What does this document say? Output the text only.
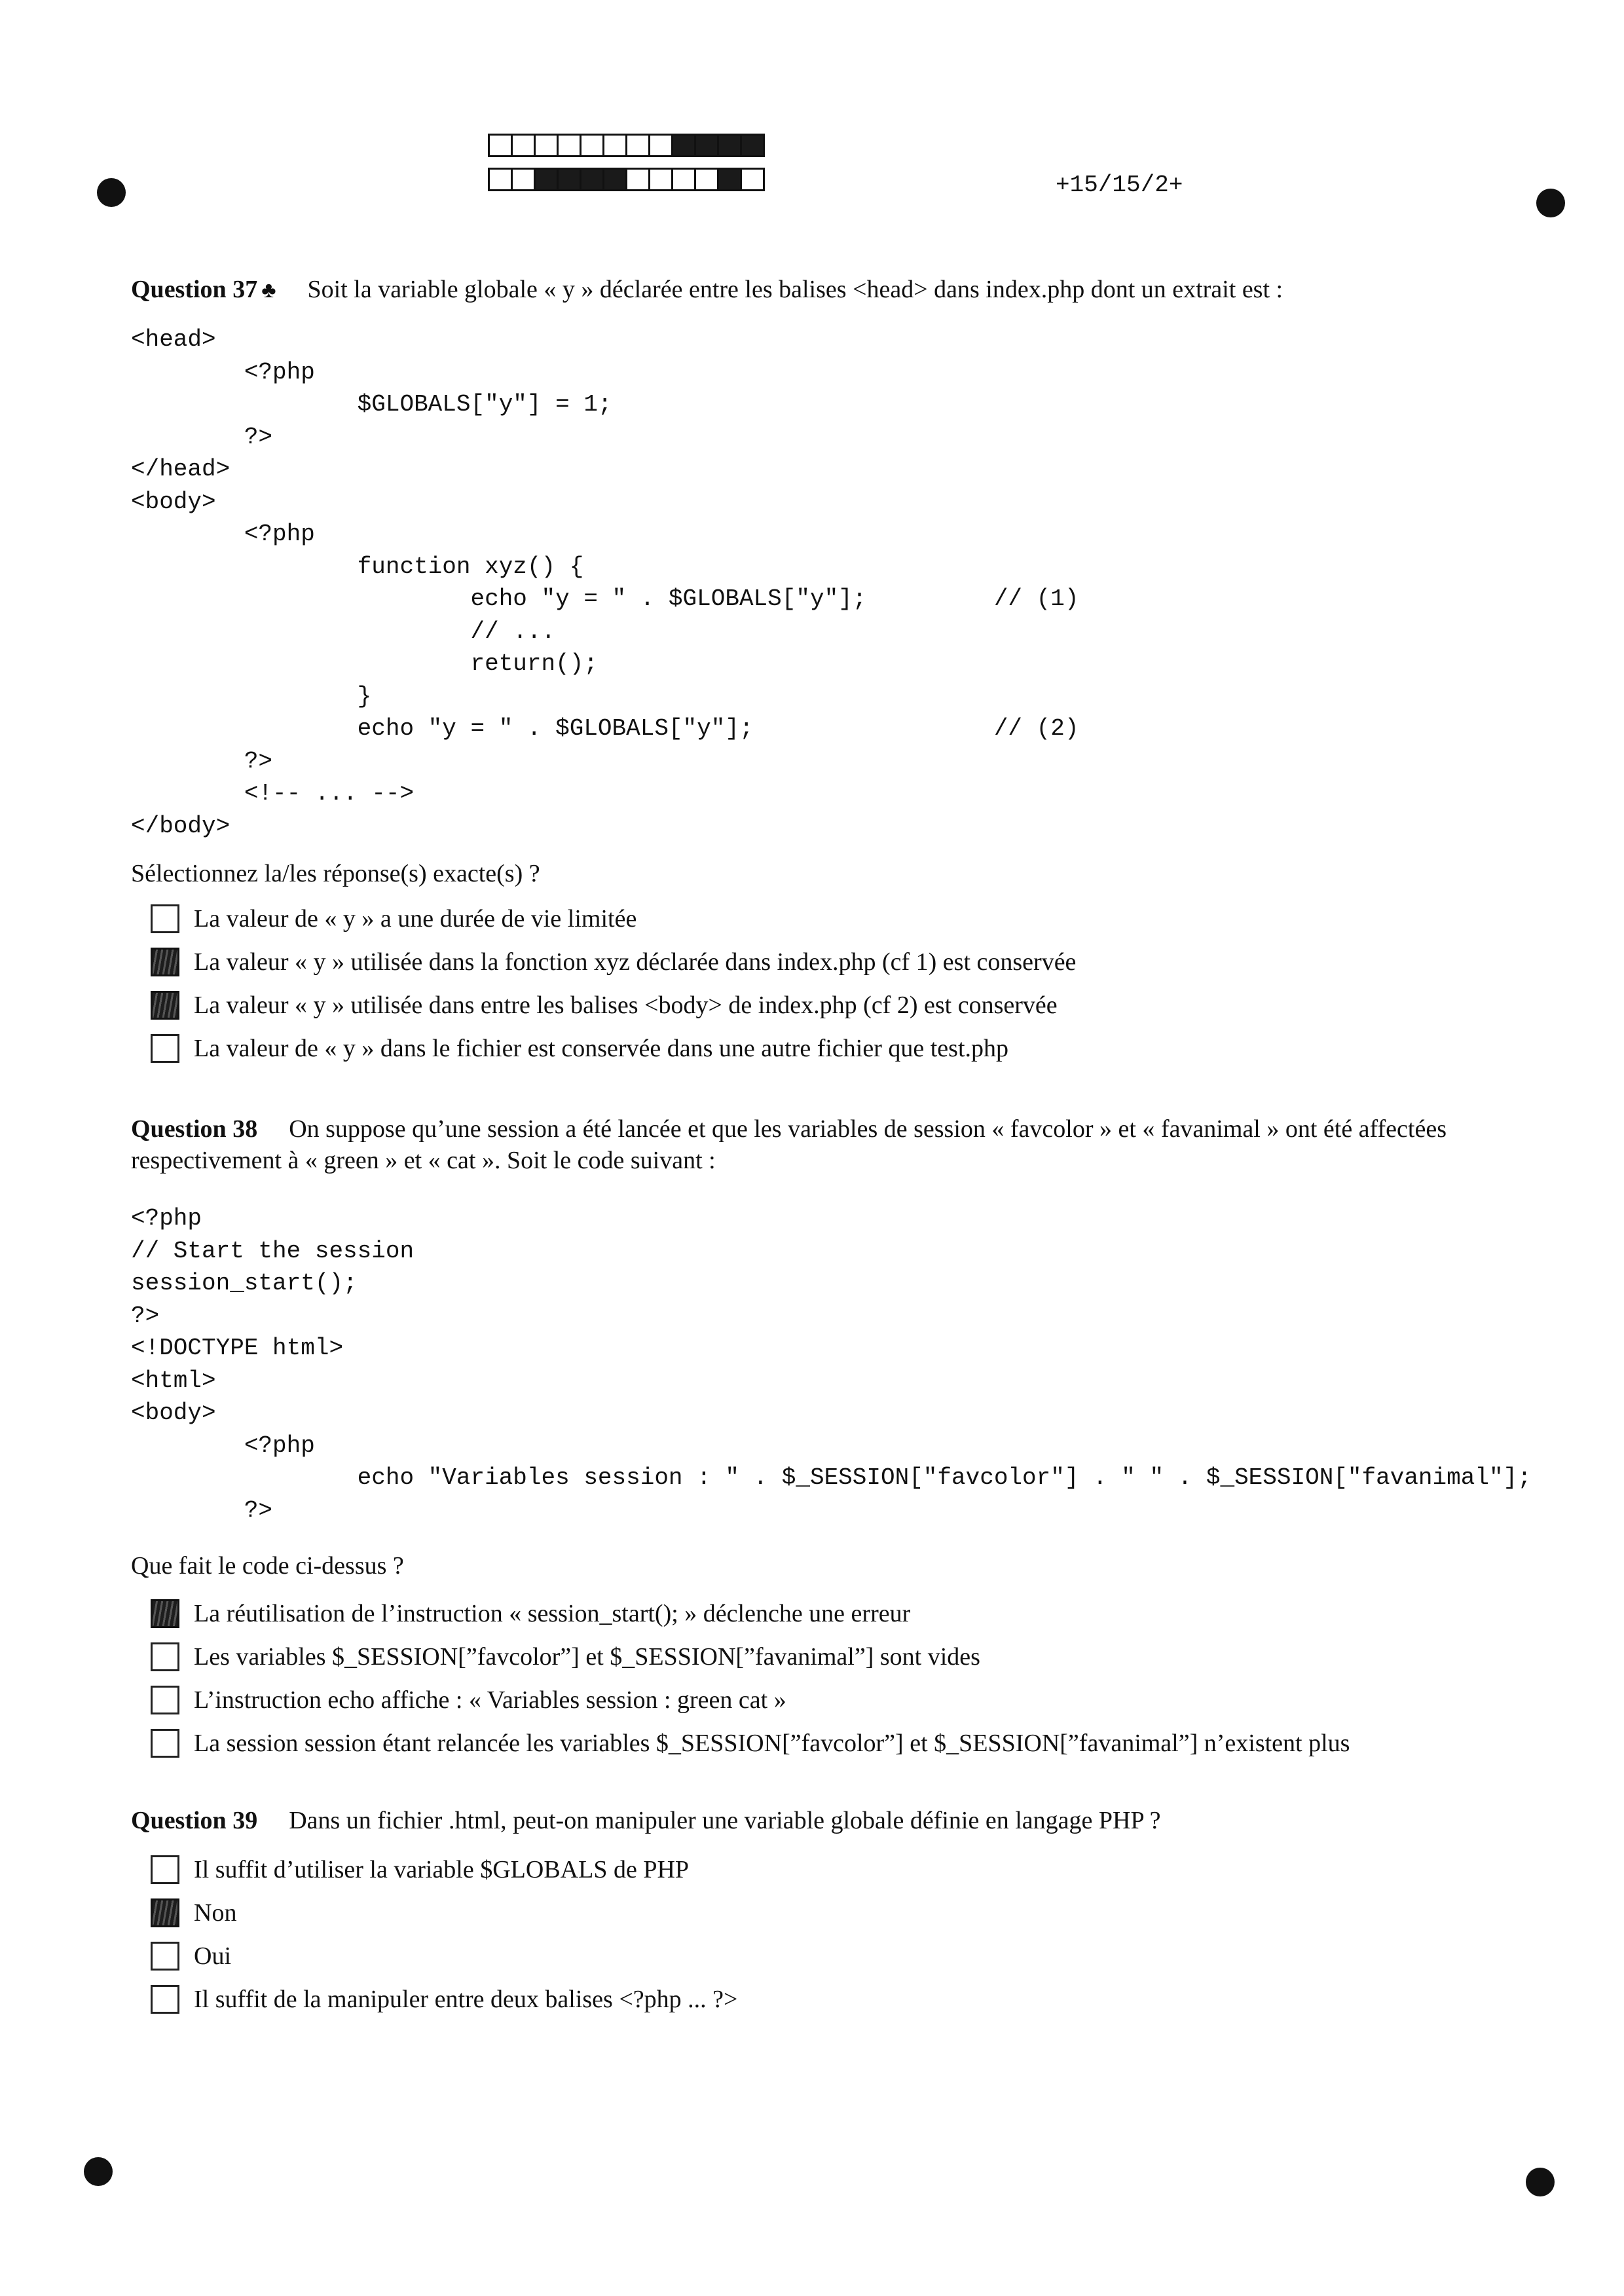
+15/15/2+
Question 37 ♣ Soit la variable globale « y » déclarée entre les balises <head> dans index.php dont un extrait est :
<head>
<?php
$GLOBALS["y"] = 1;
?>
</head>
<body>
<?php
function xyz() {
echo "y = " . $GLOBALS["y"];         // (1)
// ...
return();
}
echo "y = " . $GLOBALS["y"];                 // (2)
?>
<!-- ... -->
</body>
Sélectionnez la/les réponse(s) exacte(s) ?
La valeur de « y » a une durée de vie limitée
La valeur « y » utilisée dans la fonction xyz déclarée dans index.php (cf 1) est conservée
La valeur « y » utilisée dans entre les balises <body> de index.php (cf 2) est conservée
La valeur de « y » dans le fichier est conservée dans une autre fichier que test.php
Question 38 On suppose qu’une session a été lancée et que les variables de session « favcolor » et « favanimal » ont été affectées respectivement à « green » et « cat ». Soit le code suivant :
<?php
// Start the session
session_start();
?>
<!DOCTYPE html>
<html>
<body>
<?php
echo "Variables session : " . $_SESSION["favcolor"] . " " . $_SESSION["favanimal"];
?>
Que fait le code ci-dessus ?
La réutilisation de l’instruction « session_start(); » déclenche une erreur
Les variables $_SESSION[”favcolor”] et $_SESSION[”favanimal”] sont vides
L’instruction echo affiche : « Variables session : green cat »
La session session étant relancée les variables $_SESSION[”favcolor”] et $_SESSION[”favanimal”] n’existent plus
Question 39 Dans un fichier .html, peut-on manipuler une variable globale définie en langage PHP ?
Il suffit d’utiliser la variable $GLOBALS de PHP
Non
Oui
Il suffit de la manipuler entre deux balises <?php ... ?>
